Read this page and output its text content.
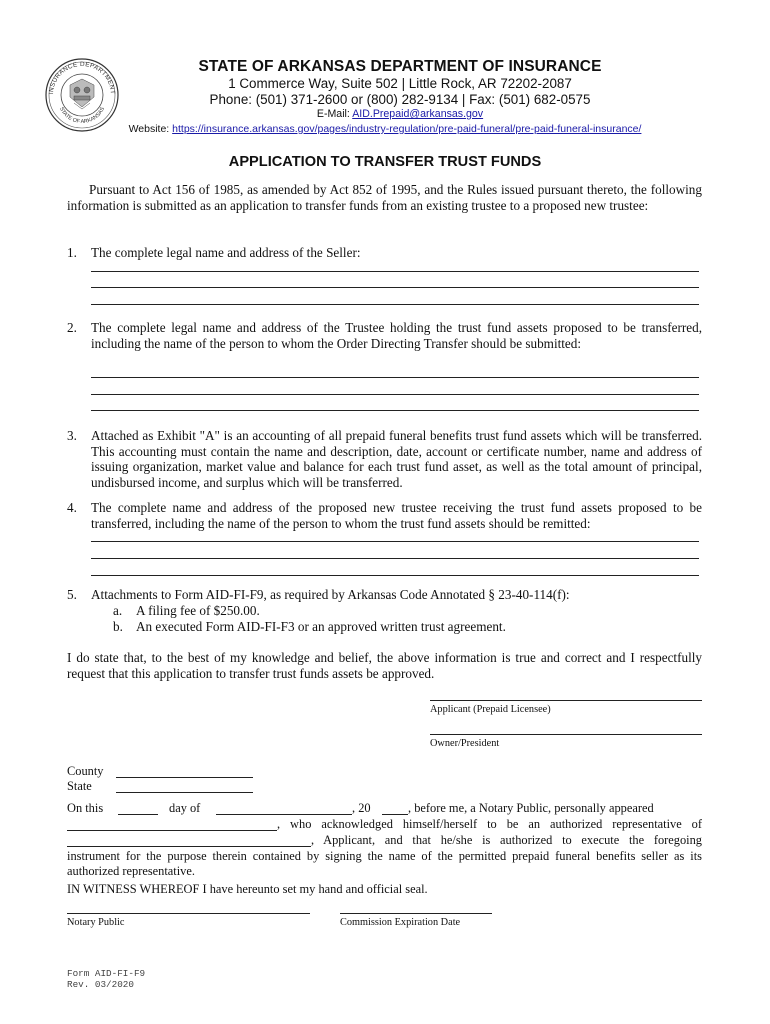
INSURANCE DEPARTMENT
STATE OF ARKANSAS
STATE OF ARKANSAS DEPARTMENT OF INSURANCE
1 Commerce Way, Suite 502 | Little Rock, AR 72202-2087
Phone: (501) 371-2600 or (800) 282-9134 | Fax: (501) 682-0575
E-Mail: AID.Prepaid@arkansas.gov
Website: https://insurance.arkansas.gov/pages/industry-regulation/pre-paid-funeral/pre-paid-funeral-insurance/
APPLICATION TO TRANSFER TRUST FUNDS

Pursuant to Act 156 of 1985, as amended by Act 852 of 1995, and the Rules issued pursuant thereto, the following information is submitted as an application to transfer funds from an existing trustee to a proposed new trustee:

1. The complete legal name and address of the Seller:
2. The complete legal name and address of the Trustee holding the trust fund assets proposed to be transferred, including the name of the person to whom the Order Directing Transfer should be submitted:
3. Attached as Exhibit "A" is an accounting of all prepaid funeral benefits trust fund assets which will be transferred. This accounting must contain the name and description, date, account or certificate number, name and address of issuing organization, market value and balance for each trust fund asset, as well as the total amount of principal, undisbursed income, and surplus which will be transferred.
4. The complete name and address of the proposed new trustee receiving the trust fund assets proposed to be transferred, including the name of the person to whom the trust fund assets should be remitted:
5. Attachments to Form AID-FI-F9, as required by Arkansas Code Annotated § 23-40-114(f):
a. A filing fee of $250.00.
b. An executed Form AID-FI-F3 or an approved written trust agreement.

I do state that, to the best of my knowledge and belief, the above information is true and correct and I respectfully request that this application to transfer trust funds assets be approved.

Applicant (Prepaid Licensee)
Owner/President
County
State
On this	day of	, 20	, before me, a Notary Public, personally appeared
, who acknowledged himself/herself to be an authorized representative of
, Applicant, and that he/she is authorized to execute the foregoing

instrument for the purpose therein contained by signing the name of the permitted prepaid funeral benefits seller as its authorized representative.

IN WITNESS WHEREOF I have hereunto set my hand and official seal.
Notary Public	Commission Expiration Date
Form AID-FI-F9
Rev. 03/2020
